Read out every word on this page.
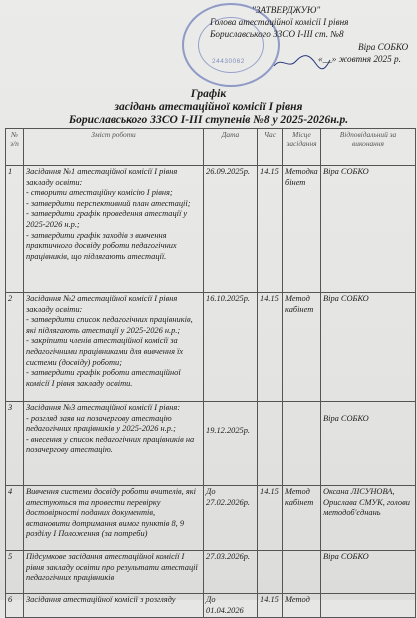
24430062
"ЗАТВЕРДЖУЮ"
Голова атестаційної комісії І рівня
Бориславського ЗЗСО І-ІІІ ст. №8
Віра СОБКО
«__» жовтня 2025 р.
Графік
засідань атестаційної комісії І рівня
Бориславського ЗЗСО І-ІІІ ступенів №8 у 2025-2026н.р.
№ з/п	Зміст роботи	Дата	Час	Місце засідання	Відповідальний за виконання
1	Засідання №1 атестаційної комісії І рівня закладу освіти:
- створити атестаційну комісію І рівня;
- затвердити перспективний план атестації;
- затвердити графік проведення атестації у 2025-2026 н.р.;
- затвердити графік заходів з вивчення практичного досвіду роботи педагогічних працівників, що підлягають атестації.	26.09.2025р.	14.15	Методкабінет	Віра СОБКО
2	Засідання №2 атестаційної комісії І рівня закладу освіти:
- затвердити список педагогічних працівників, які підлягають атестації у 2025-2026 н.р.;
- закріпити членів атестаційної комісії за педагогічними працівниками для вивчення їх системи (досвіду) роботи;
- затвердити графік роботи атестаційної комісії І рівня закладу освіти.	16.10.2025р.	14.15	Метод кабінет	Віра СОБКО
3	Засідання №3 атестаційної комісії І рівня:
- розгляд заяв на позачергову атестацію педагогічних працівників у 2025-2026 н.р.;
- внесення у список педагогічних працівників на позачергову атестацію.	19.12.2025р.			Віра СОБКО
4	Вивчення системи досвіду роботи вчителів, які атестуються та провести перевірку достовірності поданих документів, встановити дотримання вимог пунктів 8, 9 розділу І Положення (за потреби)	До 27.02.2026р.	14.15	Метод кабінет	Оксана ЛІСУНОВА, Орислава СМУК, голови методоб'єднань
5	Підсумкове засідання атестаційної комісії І рівня закладу освіти про результати атестації педагогічних працівників	27.03.2026р.			Віра СОБКО
6	Засідання атестаційної комісії з розгляду	До 01.04.2026	14.15	Метод	
